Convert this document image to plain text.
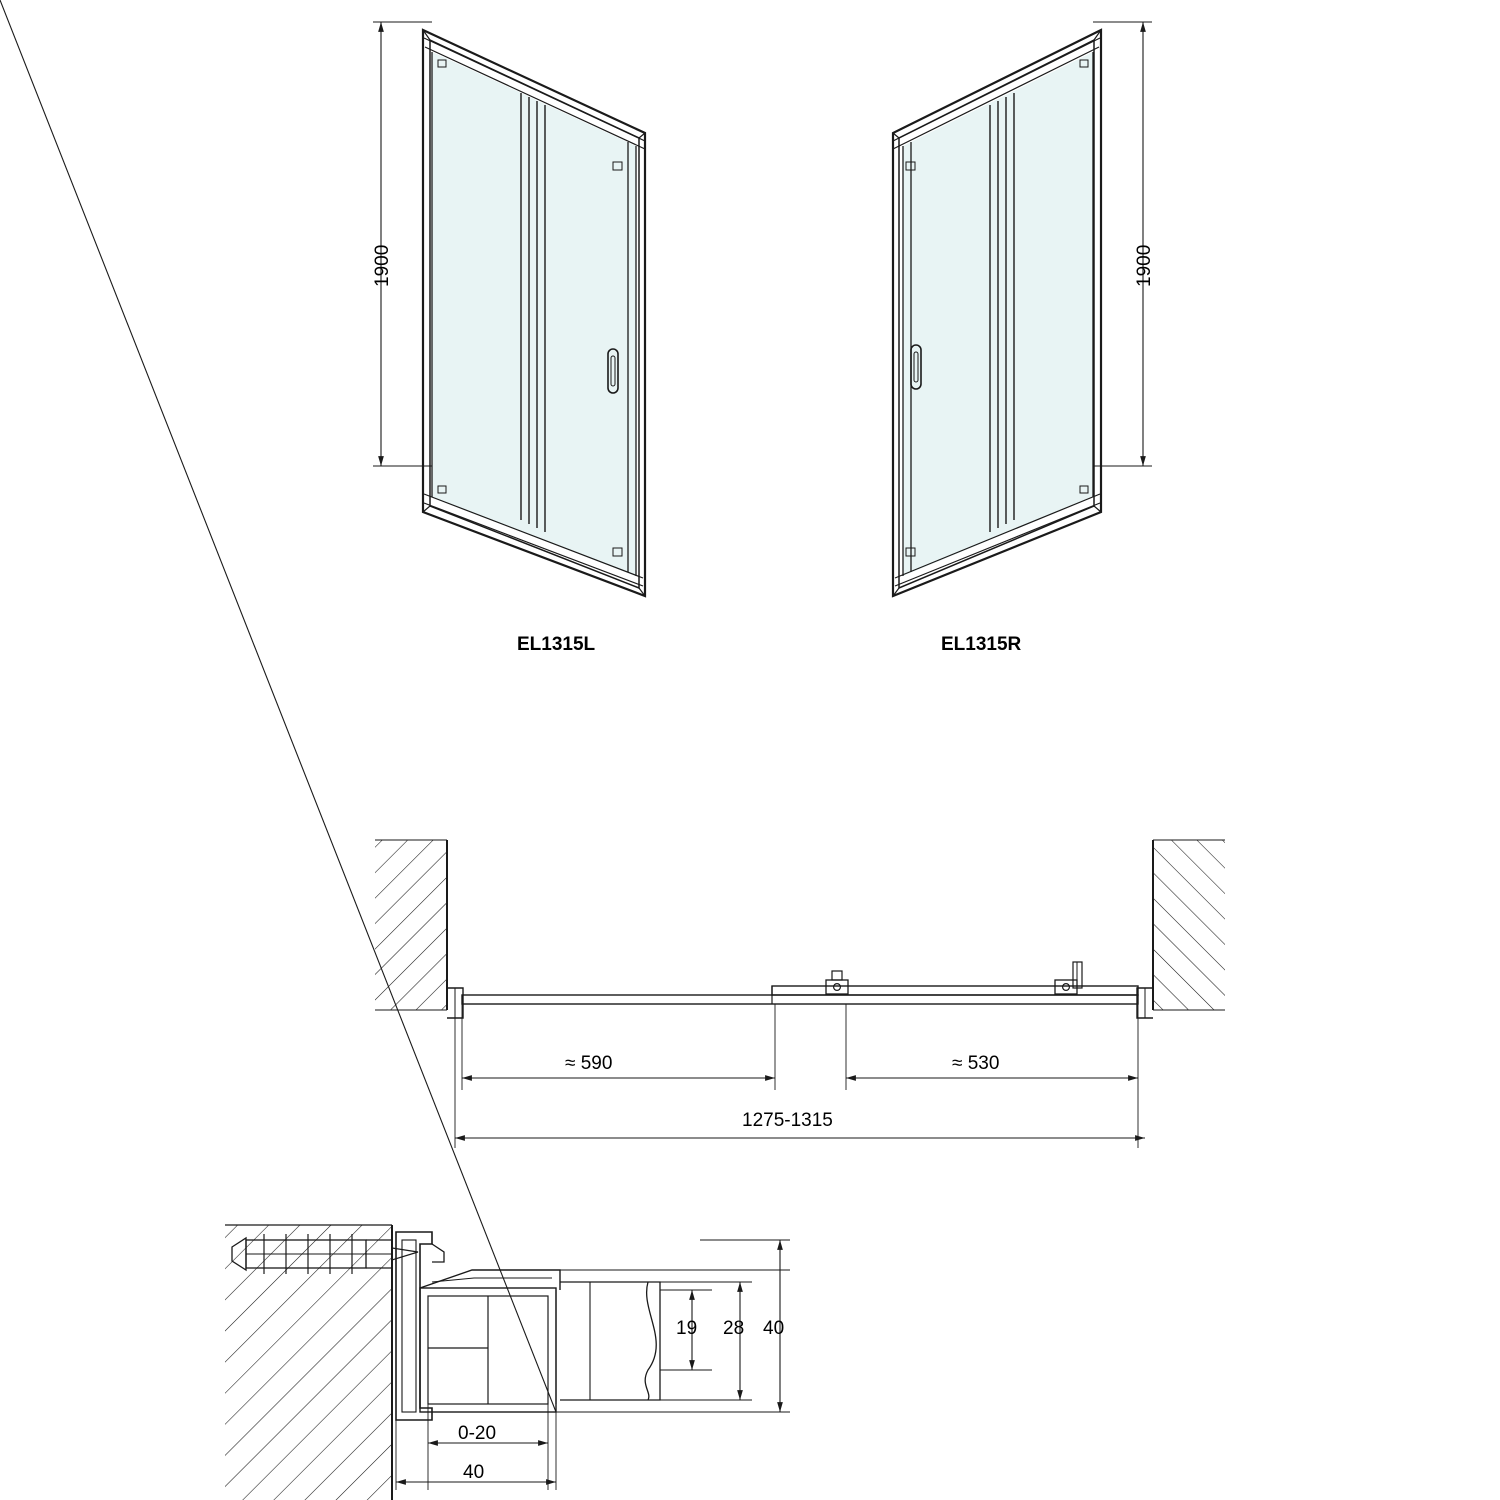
1900	1900
EL1315L	EL1315R
≈ 590	≈ 530
1275-1315
19 28 40
0-20
40
